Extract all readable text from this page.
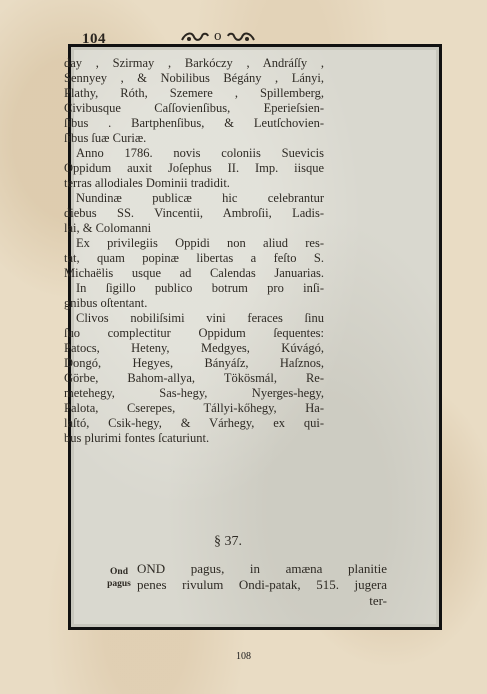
104	o
day , Szirmay , Barkóczy , Andráſſy ,
Sennyey , & Nobilibus Bégány , Lányi,
Plathy, Róth, Szemere , Spillemberg,
Civibusque Caſſovienſibus, Eperieſsien-
ſibus . Bartphenſibus, & Leutſchovien-
ſibus ſuæ Curiæ.
Anno 1786. novis coloniis Suevicis
Oppidum auxit Joſephus II. Imp. iisque
terras allodiales Dominii tradidit.
Nundinæ publicæ hic celebrantur
diebus SS. Vincentii, Ambroſii, Ladis-
lai, & Colomanni
Ex privilegiis Oppidi non aliud res-
tat, quam popinæ libertas a feſto S.
Michaëlis usque ad Calendas Januarias.
In ſigillo publico botrum pro inſi-
gnibus oſtentant.
Clivos nobiliſsimi vini feraces ſinu
ſuo complectitur Oppidum ſequentes:
Patocs, Heteny, Medgyes, Kúvágó,
Dongó, Hegyes, Bányáſz, Haſznos,
Görbe, Bahom-allya, Tökösmál, Re-
metehegy, Sas-hegy, Nyerges-hegy,
Palota, Cserepes, Tállyi-kőhegy, Ha-
laſtó, Csik-hegy, & Várhegy, ex qui-
bus plurimi fontes ſcaturiunt.
§ 37.
Ond
pagus
OND pagus, in amæna planitie
penes rivulum Ondi-patak, 515. jugera
ter-
108
